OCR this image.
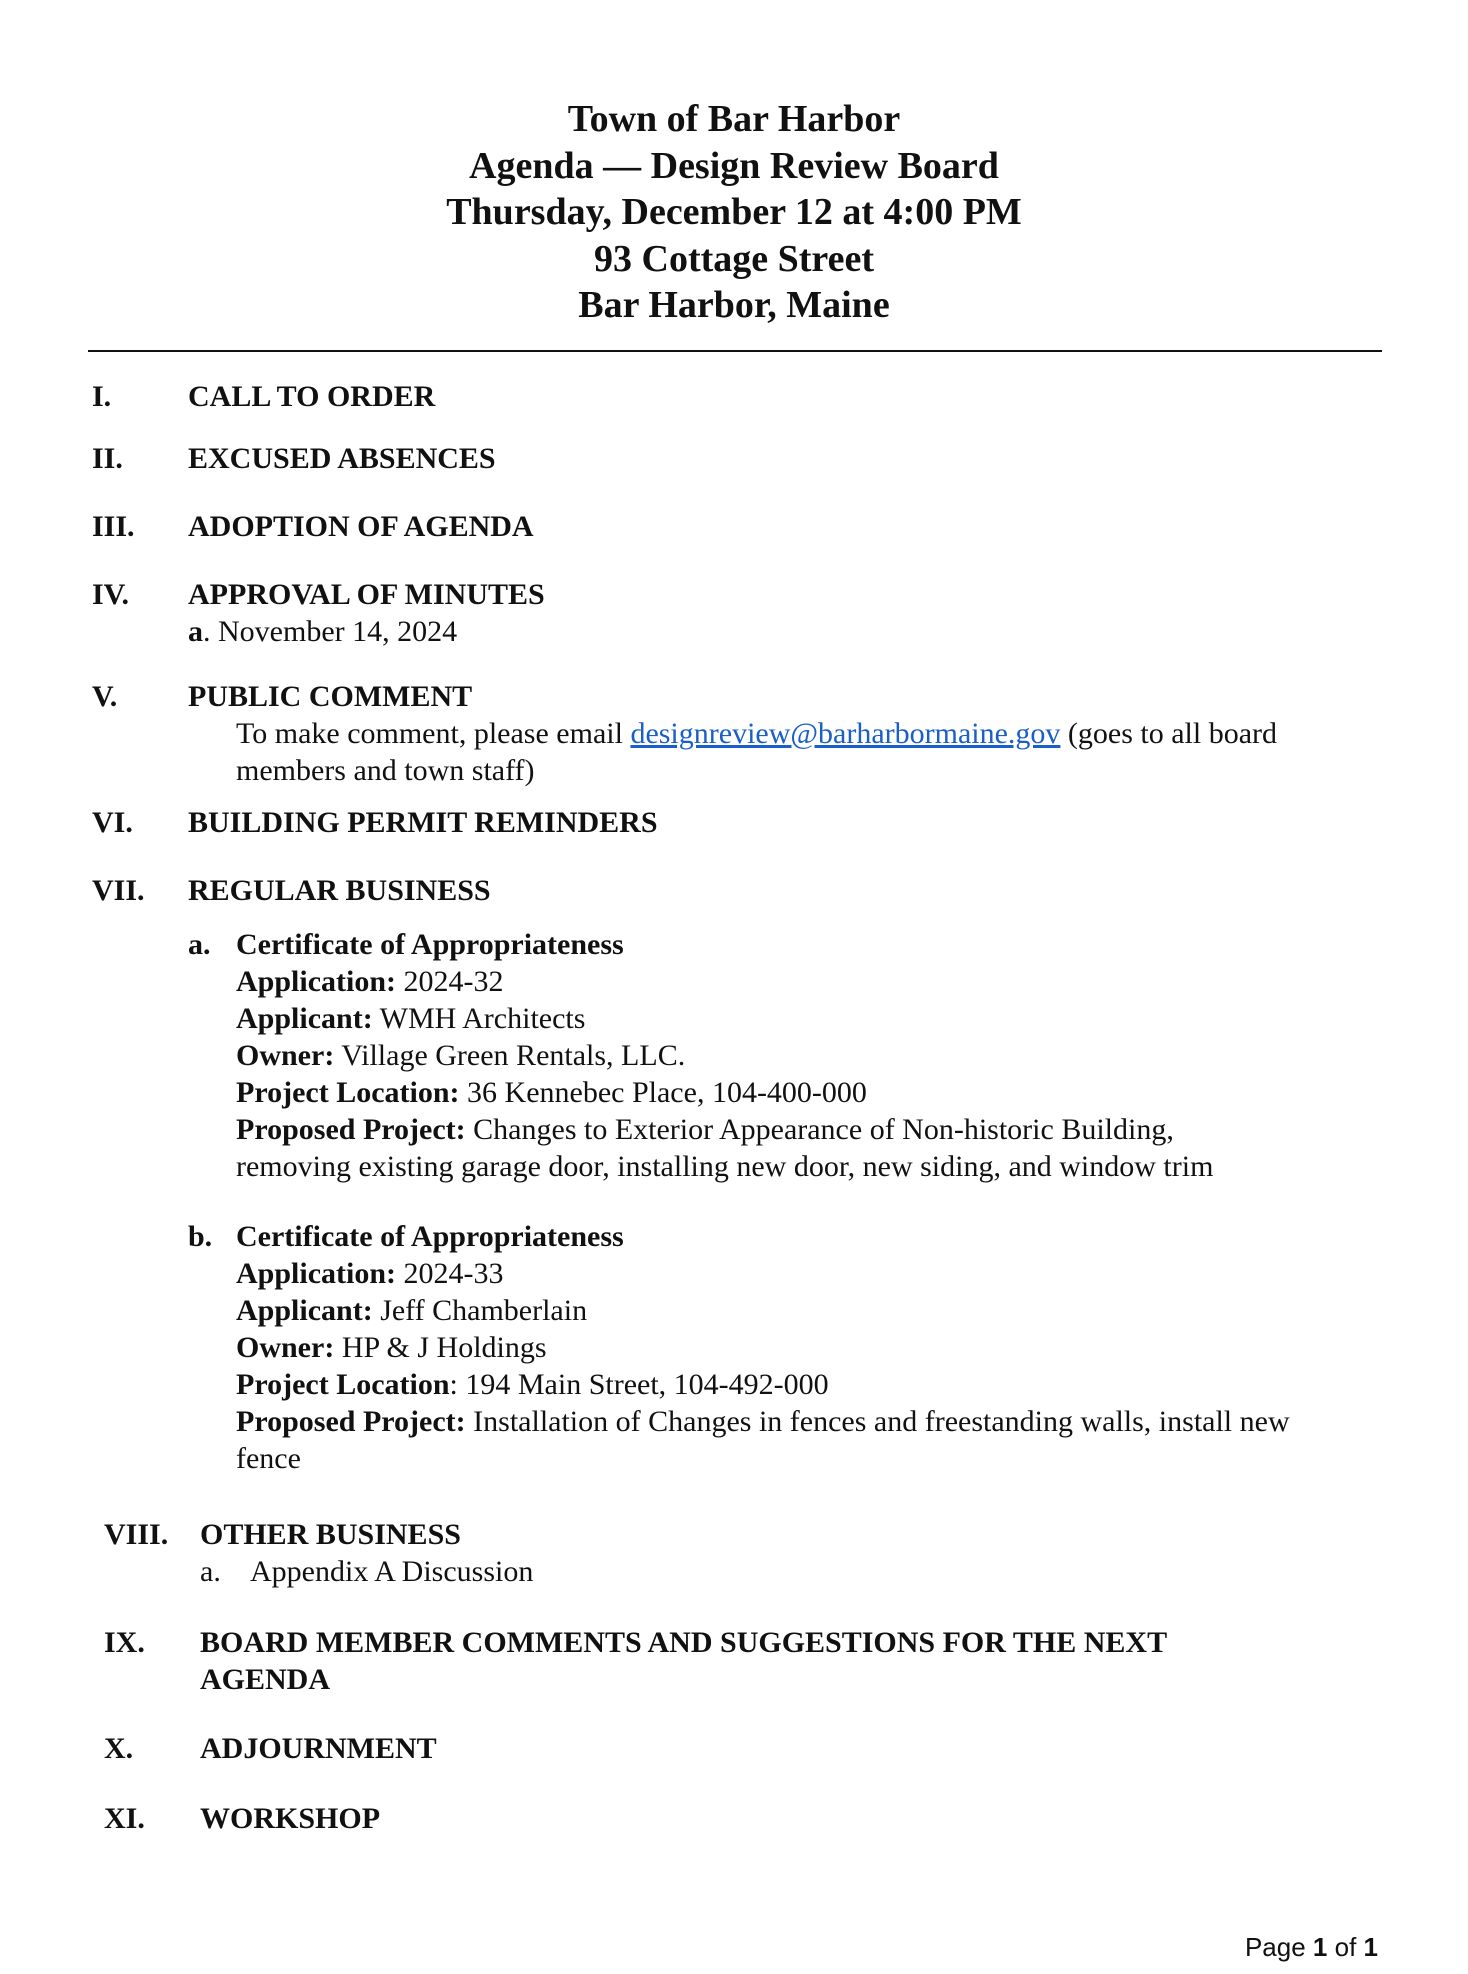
Town of Bar Harbor
Agenda — Design Review Board
Thursday, December 12 at 4:00 PM
93 Cottage Street
Bar Harbor, Maine
I.	CALL TO ORDER
II. EXCUSED ABSENCES
III. ADOPTION OF AGENDA
IV. APPROVAL OF MINUTES
a. November 14, 2024
V. PUBLIC COMMENT
To make comment, please email designreview@barharbormaine.gov (goes to all board
members and town staff)
VI. BUILDING PERMIT REMINDERS
VII. REGULAR BUSINESS
a. Certificate of Appropriateness
Application: 2024-32
Applicant: WMH Architects
Owner: Village Green Rentals, LLC.
Project Location: 36 Kennebec Place, 104-400-000
Proposed Project: Changes to Exterior Appearance of Non-historic Building,
removing existing garage door, installing new door, new siding, and window trim
b. Certificate of Appropriateness
Application: 2024-33
Applicant: Jeff Chamberlain
Owner: HP & J Holdings
Project Location: 194 Main Street, 104-492-000
Proposed Project: Installation of Changes in fences and freestanding walls, install new
fence
VIII. OTHER BUSINESS
a. Appendix A Discussion
IX. BOARD MEMBER COMMENTS AND SUGGESTIONS FOR THE NEXT
AGENDA
X. ADJOURNMENT
XI. WORKSHOP
Page 1 of 1
